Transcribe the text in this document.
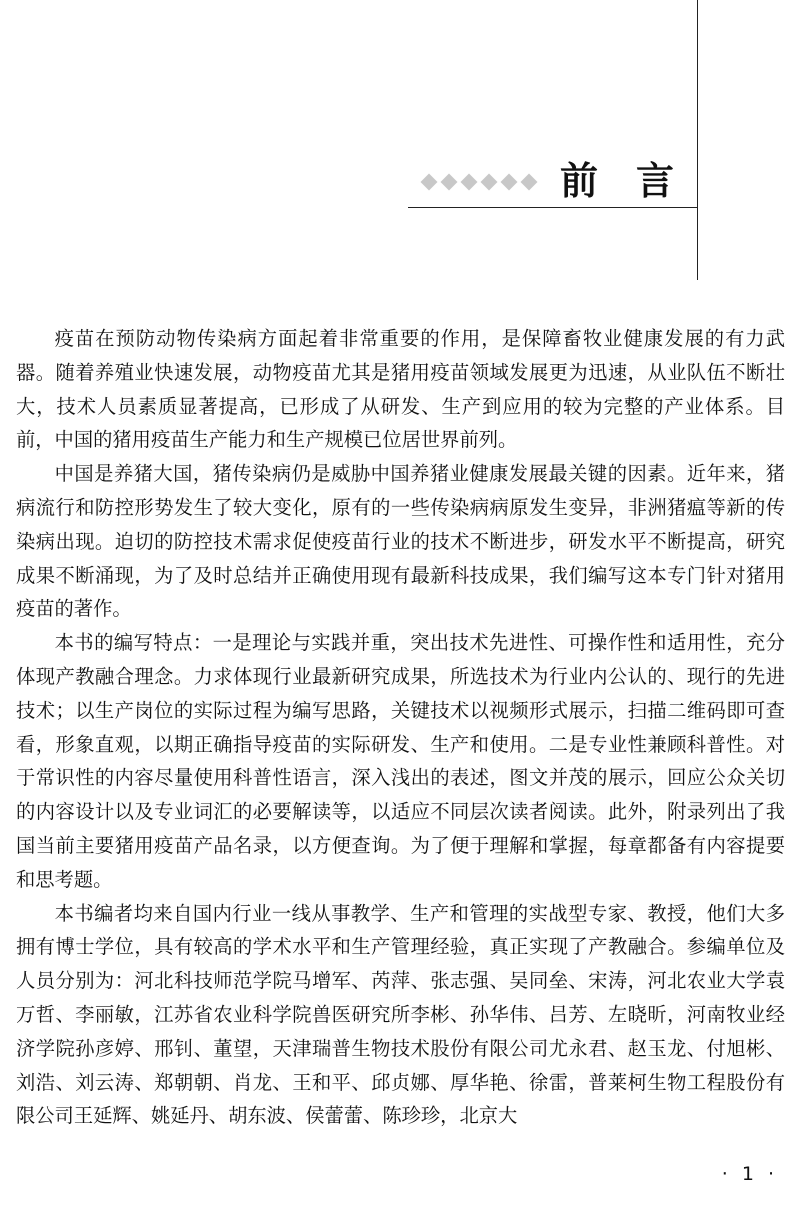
前言

疫苗在预防动物传染病方面起着非常重要的作用，是保障畜牧业健康发展的有力武器。随着养殖业快速发展，动物疫苗尤其是猪用疫苗领域发展更为迅速，从业队伍不断壮大，技术人员素质显著提高，已形成了从研发、生产到应用的较为完整的产业体系。目前，中国的猪用疫苗生产能力和生产规模已位居世界前列。

中国是养猪大国，猪传染病仍是威胁中国养猪业健康发展最关键的因素。近年来，猪病流行和防控形势发生了较大变化，原有的一些传染病病原发生变异，非洲猪瘟等新的传染病出现。迫切的防控技术需求促使疫苗行业的技术不断进步，研发水平不断提高，研究成果不断涌现，为了及时总结并正确使用现有最新科技成果，我们编写这本专门针对猪用疫苗的著作。

本书的编写特点：一是理论与实践并重，突出技术先进性、可操作性和适用性，充分体现产教融合理念。力求体现行业最新研究成果，所选技术为行业内公认的、现行的先进技术；以生产岗位的实际过程为编写思路，关键技术以视频形式展示，扫描二维码即可查看，形象直观，以期正确指导疫苗的实际研发、生产和使用。二是专业性兼顾科普性。对于常识性的内容尽量使用科普性语言，深入浅出的表述，图文并茂的展示，回应公众关切的内容设计以及专业词汇的必要解读等，以适应不同层次读者阅读。此外，附录列出了我国当前主要猪用疫苗产品名录，以方便查询。为了便于理解和掌握，每章都备有内容提要和思考题。

本书编者均来自国内行业一线从事教学、生产和管理的实战型专家、教授，他们大多拥有博士学位，具有较高的学术水平和生产管理经验，真正实现了产教融合。参编单位及人员分别为：河北科技师范学院马增军、芮萍、张志强、吴同垒、宋涛，河北农业大学袁万哲、李丽敏，江苏省农业科学院兽医研究所李彬、孙华伟、吕芳、左晓昕，河南牧业经济学院孙彦婷、邢钊、董望，天津瑞普生物技术股份有限公司尤永君、赵玉龙、付旭彬、刘浩、刘云涛、郑朝朝、肖龙、王和平、邱贞娜、厚华艳、徐雷，普莱柯生物工程股份有限公司王延辉、姚延丹、胡东波、侯蕾蕾、陈珍珍，北京大

· 1 ·
